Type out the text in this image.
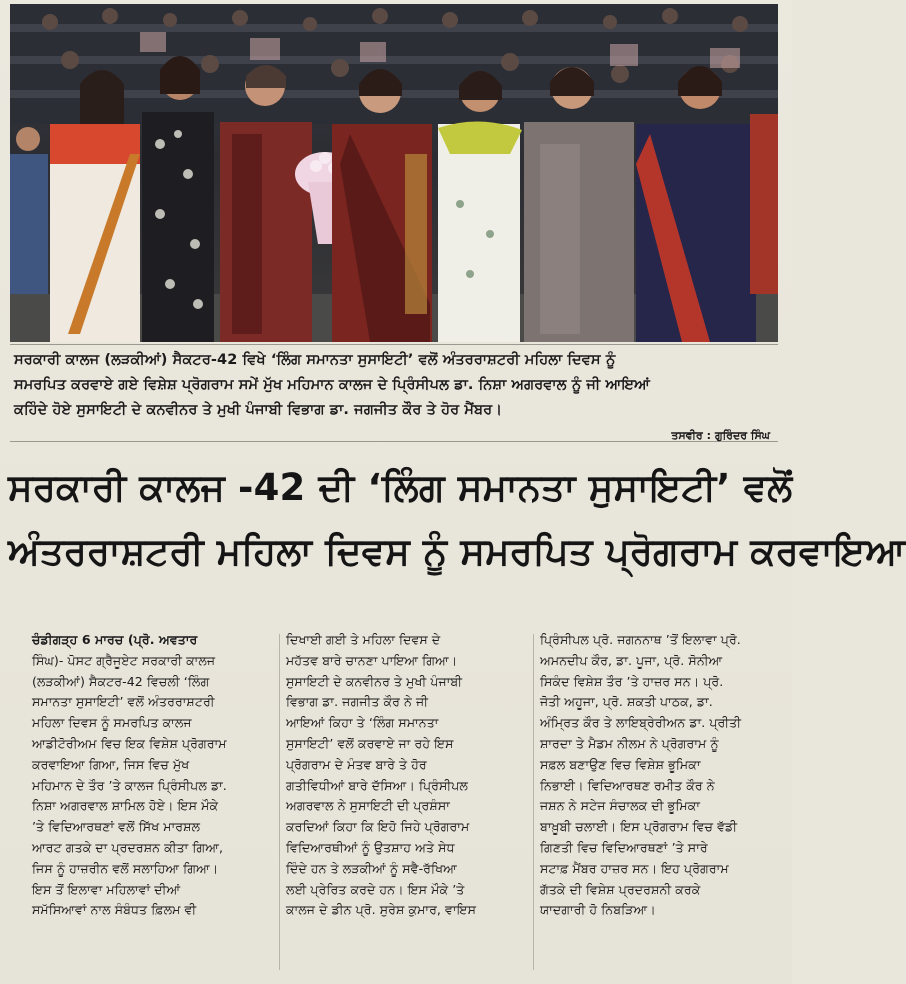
ਸਰਕਾਰੀ ਕਾਲਜ (ਲੜਕੀਆਂ) ਸੈਕਟਰ-42 ਵਿਖੇ ‘ਲਿੰਗ ਸਮਾਨਤਾ ਸੁਸਾਇਟੀ’ ਵਲੋਂ ਅੰਤਰਰਾਸ਼ਟਰੀ ਮਹਿਲਾ ਦਿਵਸ ਨੂੰ
ਸਮਰਪਿਤ ਕਰਵਾਏ ਗਏ ਵਿਸ਼ੇਸ਼ ਪ੍ਰੋਗਰਾਮ ਸਮੇਂ ਮੁੱਖ ਮਹਿਮਾਨ ਕਾਲਜ ਦੇ ਪ੍ਰਿੰਸੀਪਲ ਡਾ. ਨਿਸ਼ਾ ਅਗਰਵਾਲ ਨੂੰ ਜੀ ਆਇਆਂ
ਕਹਿੰਦੇ ਹੋਏ ਸੁਸਾਇਟੀ ਦੇ ਕਨਵੀਨਰ ਤੇ ਮੁਖੀ ਪੰਜਾਬੀ ਵਿਭਾਗ ਡਾ. ਜਗਜੀਤ ਕੌਰ ਤੇ ਹੋਰ ਮੈਂਬਰ।
ਤਸਵੀਰ : ਗੁਰਿੰਦਰ ਸਿੰਘ
ਸਰਕਾਰੀ ਕਾਲਜ -42 ਦੀ ‘ਲਿੰਗ ਸਮਾਨਤਾ ਸੁਸਾਇਟੀ’ ਵਲੋਂ
ਅੰਤਰਰਾਸ਼ਟਰੀ ਮਹਿਲਾ ਦਿਵਸ ਨੂੰ ਸਮਰਪਿਤ ਪ੍ਰੋਗਰਾਮ ਕਰਵਾਇਆ
ਚੰਡੀਗੜ੍ਹ 6 ਮਾਰਚ (ਪ੍ਰੋ. ਅਵਤਾਰ
ਸਿੰਘ)- ਪੋਸਟ ਗ੍ਰੈਜੂਏਟ ਸਰਕਾਰੀ ਕਾਲਜ
(ਲੜਕੀਆਂ) ਸੈਕਟਰ-42 ਵਿਚਲੀ ‘ਲਿੰਗ
ਸਮਾਨਤਾ ਸੁਸਾਇਟੀ’ ਵਲੋਂ ਅੰਤਰਰਾਸ਼ਟਰੀ
ਮਹਿਲਾ ਦਿਵਸ ਨੂੰ ਸਮਰਪਿਤ ਕਾਲਜ
ਆਡੀਟੋਰੀਅਮ ਵਿਚ ਇਕ ਵਿਸ਼ੇਸ਼ ਪ੍ਰੋਗਰਾਮ
ਕਰਵਾਇਆ ਗਿਆ, ਜਿਸ ਵਿਚ ਮੁੱਖ
ਮਹਿਮਾਨ ਦੇ ਤੌਰ ’ਤੇ ਕਾਲਜ ਪ੍ਰਿੰਸੀਪਲ ਡਾ.
ਨਿਸ਼ਾ ਅਗਰਵਾਲ ਸ਼ਾਮਿਲ ਹੋਏ। ਇਸ ਮੌਕੇ
’ਤੇ ਵਿਦਿਆਰਥਣਾਂ ਵਲੋਂ ਸਿੱਖ ਮਾਰਸ਼ਲ
ਆਰਟ ਗਤਕੇ ਦਾ ਪ੍ਰਦਰਸ਼ਨ ਕੀਤਾ ਗਿਆ,
ਜਿਸ ਨੂੰ ਹਾਜ਼ਰੀਨ ਵਲੋਂ ਸਲਾਹਿਆ ਗਿਆ।
ਇਸ ਤੋਂ ਇਲਾਵਾ ਮਹਿਲਾਵਾਂ ਦੀਆਂ
ਸਮੱਸਿਆਵਾਂ ਨਾਲ ਸੰਬੰਧਤ ਫ਼ਿਲਮ ਵੀ
ਦਿਖਾਈ ਗਈ ਤੇ ਮਹਿਲਾ ਦਿਵਸ ਦੇ
ਮਹੱਤਵ ਬਾਰੇ ਚਾਨਣਾ ਪਾਇਆ ਗਿਆ।
ਸੁਸਾਇਟੀ ਦੇ ਕਨਵੀਨਰ ਤੇ ਮੁਖੀ ਪੰਜਾਬੀ
ਵਿਭਾਗ ਡਾ. ਜਗਜੀਤ ਕੌਰ ਨੇ ਜੀ
ਆਇਆਂ ਕਿਹਾ ਤੇ ‘ਲਿੰਗ ਸਮਾਨਤਾ
ਸੁਸਾਇਟੀ’ ਵਲੋਂ ਕਰਵਾਏ ਜਾ ਰਹੇ ਇਸ
ਪ੍ਰੋਗਰਾਮ ਦੇ ਮੰਤਵ ਬਾਰੇ ਤੇ ਹੋਰ
ਗਤੀਵਿਧੀਆਂ ਬਾਰੇ ਦੱਸਿਆ। ਪ੍ਰਿੰਸੀਪਲ
ਅਗਰਵਾਲ ਨੇ ਸੁਸਾਇਟੀ ਦੀ ਪ੍ਰਸ਼ੰਸਾ
ਕਰਦਿਆਂ ਕਿਹਾ ਕਿ ਇਹੋ ਜਿਹੇ ਪ੍ਰੋਗਰਾਮ
ਵਿਦਿਆਰਥੀਆਂ ਨੂੰ ਉਤਸ਼ਾਹ ਅਤੇ ਸੇਧ
ਦਿੰਦੇ ਹਨ ਤੇ ਲੜਕੀਆਂ ਨੂੰ ਸਵੈ-ਰੱਖਿਆ
ਲਈ ਪ੍ਰੇਰਿਤ ਕਰਦੇ ਹਨ। ਇਸ ਮੌਕੇ ’ਤੇ
ਕਾਲਜ ਦੇ ਡੀਨ ਪ੍ਰੋ. ਸੁਰੇਸ਼ ਕੁਮਾਰ, ਵਾਇਸ
ਪ੍ਰਿੰਸੀਪਲ ਪ੍ਰੋ. ਜਗਨਨਾਥ ’ਤੋਂ ਇਲਾਵਾ ਪ੍ਰੋ.
ਅਮਨਦੀਪ ਕੌਰ, ਡਾ. ਪੂਜਾ, ਪ੍ਰੋ. ਸੋਨੀਆ
ਸਿਕੰਦ ਵਿਸ਼ੇਸ਼ ਤੌਰ ’ਤੇ ਹਾਜ਼ਰ ਸਨ। ਪ੍ਰੋ.
ਜੋਤੀ ਅਹੂਜਾ, ਪ੍ਰੋ. ਸ਼ਕਤੀ ਪਾਠਕ, ਡਾ.
ਅੰਮ੍ਰਿਤ ਕੌਰ ਤੇ ਲਾਇਬ੍ਰੇਰੀਅਨ ਡਾ. ਪ੍ਰੀਤੀ
ਸ਼ਾਰਦਾ ਤੇ ਮੈਡਮ ਨੀਲਮ ਨੇ ਪ੍ਰੋਗਰਾਮ ਨੂੰ
ਸਫ਼ਲ ਬਣਾਉਣ ਵਿਚ ਵਿਸ਼ੇਸ਼ ਭੂਮਿਕਾ
ਨਿਭਾਈ। ਵਿਦਿਆਰਥਣ ਰਮੀਤ ਕੌਰ ਨੇ
ਜਸ਼ਨ ਨੇ ਸਟੇਜ ਸੰਚਾਲਕ ਦੀ ਭੂਮਿਕਾ
ਬਾਖ਼ੂਬੀ ਚਲਾਈ। ਇਸ ਪ੍ਰੋਗਰਾਮ ਵਿਚ ਵੱਡੀ
ਗਿਣਤੀ ਵਿਚ ਵਿਦਿਆਰਥਣਾਂ ’ਤੇ ਸਾਰੇ
ਸਟਾਫ਼ ਮੈਂਬਰ ਹਾਜ਼ਰ ਸਨ। ਇਹ ਪ੍ਰੋਗਰਾਮ
ਗੱਤਕੇ ਦੀ ਵਿਸ਼ੇਸ਼ ਪ੍ਰਦਰਸ਼ਨੀ ਕਰਕੇ
ਯਾਦਗਾਰੀ ਹੋ ਨਿਬੜਿਆ।
